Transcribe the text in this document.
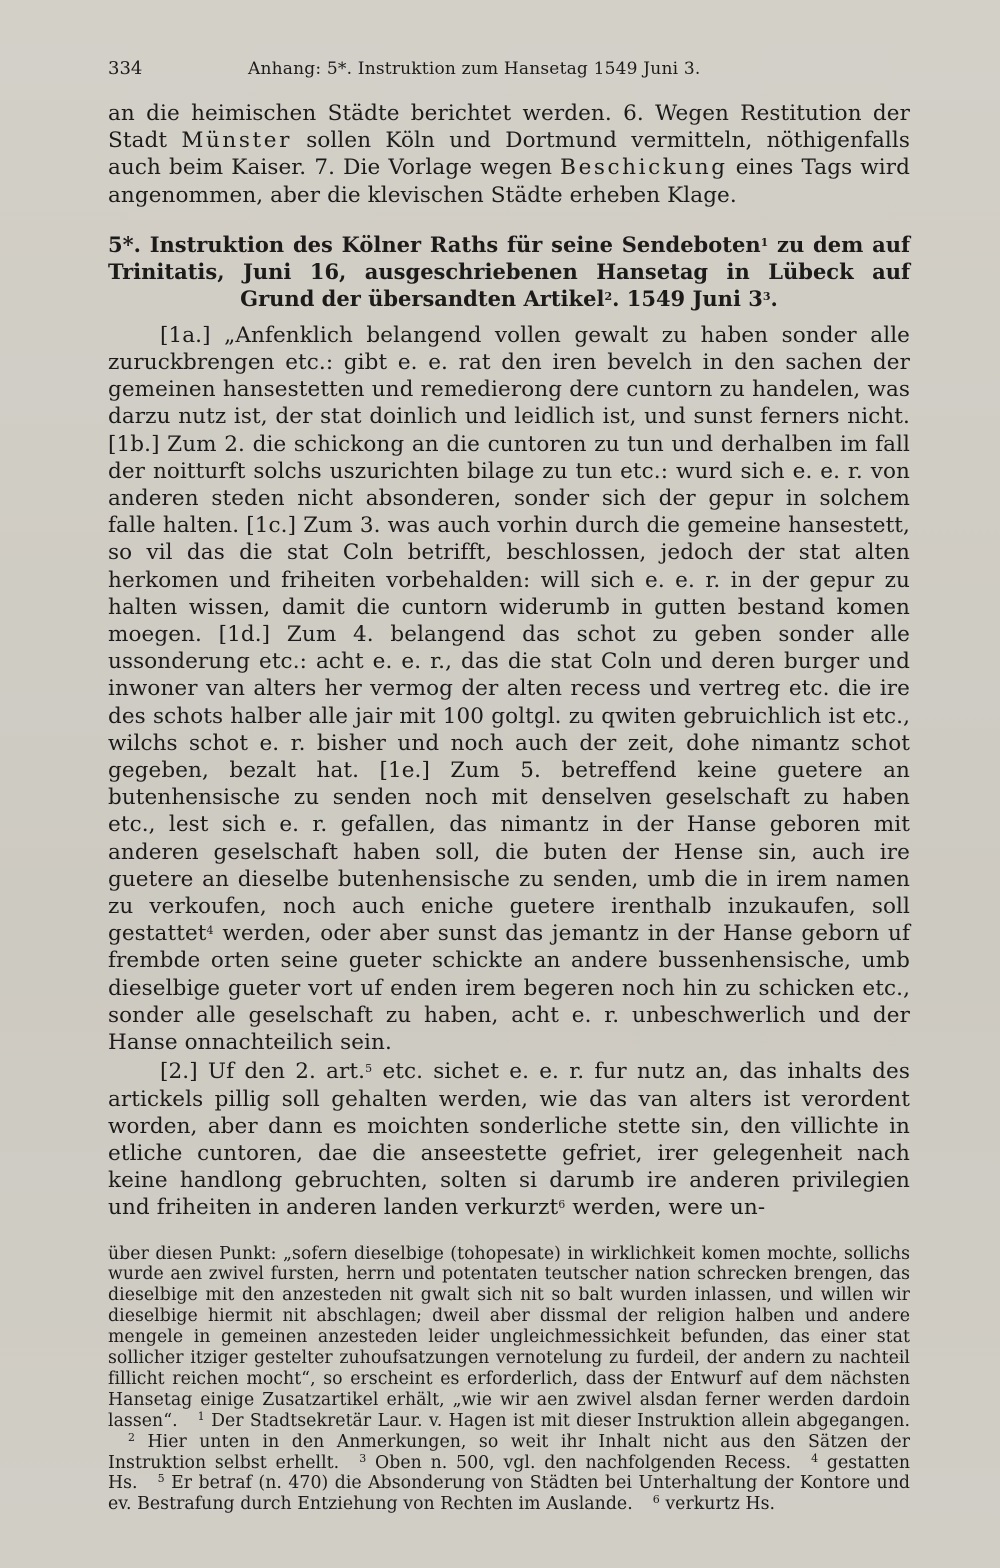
334	Anhang: 5*. Instruktion zum Hansetag 1549 Juni 3.

an die heimischen Städte berichtet werden. 6. Wegen Restitution der Stadt Münster sollen Köln und Dortmund vermitteln, nöthigenfalls auch beim Kaiser. 7. Die Vorlage wegen Beschickung eines Tags wird angenommen, aber die klevischen Städte erheben Klage.

5*. Instruktion des Kölner Raths für seine Sendeboten$^1$ zu dem auf Trinitatis, Juni 16, ausgeschriebenen Hansetag in Lübeck auf Grund der übersandten Artikel$^2$. 1549 Juni $3^3$.

[1a.] „Anfenklich belangend vollen gewalt zu haben sonder alle zuruckbrengen etc.: gibt e. e. rat den iren bevelch in den sachen der gemeinen hansestetten und remedierong dere cuntorn zu handelen, was darzu nutz ist, der stat doinlich und leidlich ist, und sunst ferners nicht. [1b.] Zum 2. die schickong an die cuntoren zu tun und derhalben im fall der noitturft solchs uszurichten bilage zu tun etc.: wurd sich e. e. r. von anderen steden nicht absonderen, sonder sich der gepur in solchem falle halten. [1c.] Zum 3. was auch vorhin durch die gemeine hansestett, so vil das die stat Coln betrifft, beschlossen, jedoch der stat alten herkomen und friheiten vorbehalden: will sich e. e. r. in der gepur zu halten wissen, damit die cuntorn widerumb in gutten bestand komen moegen. [1d.] Zum 4. belangend das schot zu geben sonder alle ussonderung etc.: acht e. e. r., das die stat Coln und deren burger und inwoner van alters her vermog der alten recess und vertreg etc. die ire des schots halber alle jair mit 100 goltgl. zu qwiten gebruichlich ist etc., wilchs schot e. r. bisher und noch auch der zeit, dohe nimantz schot gegeben, bezalt hat. [1e.] Zum 5. betreffend keine guetere an butenhensische zu senden noch mit denselven geselschaft zu haben etc., lest sich e. r. gefallen, das nimantz in der Hanse geboren mit anderen geselschaft haben soll, die buten der Hense sin, auch ire guetere an dieselbe butenhensische zu senden, umb die in irem namen zu verkoufen, noch auch eniche guetere irenthalb inzukaufen, soll gestattet$^4$ werden, oder aber sunst das jemantz in der Hanse geborn uf frembde orten seine gueter schickte an andere bussenhensische, umb dieselbige gueter vort uf enden irem begeren noch hin zu schicken etc., sonder alle geselschaft zu haben, acht e. r. unbeschwerlich und der Hanse onnachteilich sein.

[2.] Uf den 2. art.$^5$ etc. sichet e. e. r. fur nutz an, das inhalts des artickels pillig soll gehalten werden, wie das van alters ist verordent worden, aber dann es moichten sonderliche stette sin, den villichte in etliche cuntoren, dae die anseestette gefriet, irer gelegenheit nach keine handlong gebruchten, solten si darumb ire anderen privilegien und friheiten in anderen landen verkurzt$^6$ werden, were un-

über diesen Punkt: „sofern dieselbige (tohopesate) in wirklichkeit komen mochte, sollichs wurde aen zwivel fursten, herrn und potentaten teutscher nation schrecken brengen, das dieselbige mit den anzesteden nit gwalt sich nit so balt wurden inlassen, und willen wir dieselbige hiermit nit abschlagen; dweil aber dissmal der religion halben und andere mengele in gemeinen anzesteden leider ungleichmessichkeit befunden, das einer stat sollicher itziger gestelter zuhoufsatzungen vernotelung zu furdeil, der andern zu nachteil fillicht reichen mocht“, so erscheint es erforderlich, dass der Entwurf auf dem nächsten Hansetag einige Zusatzartikel erhält, „wie wir aen zwivel alsdan ferner werden dardoin lassen“. $^1$ Der Stadtsekretär Laur. v. Hagen ist mit dieser Instruktion allein abgegangen.$^2$ Hier unten in den Anmerkungen, so weit ihr Inhalt nicht aus den Sätzen der Instruktion selbst erhellt. $^3$ Oben n. 500, vgl. den nachfolgenden Recess. $^4$ gestatten Hs. $^5$ Er betraf (n. 470) die Absonderung von Städten bei Unterhaltung der Kontore und ev. Bestrafung durch Entziehung von Rechten im Auslande. $^6$ verkurtz Hs.
